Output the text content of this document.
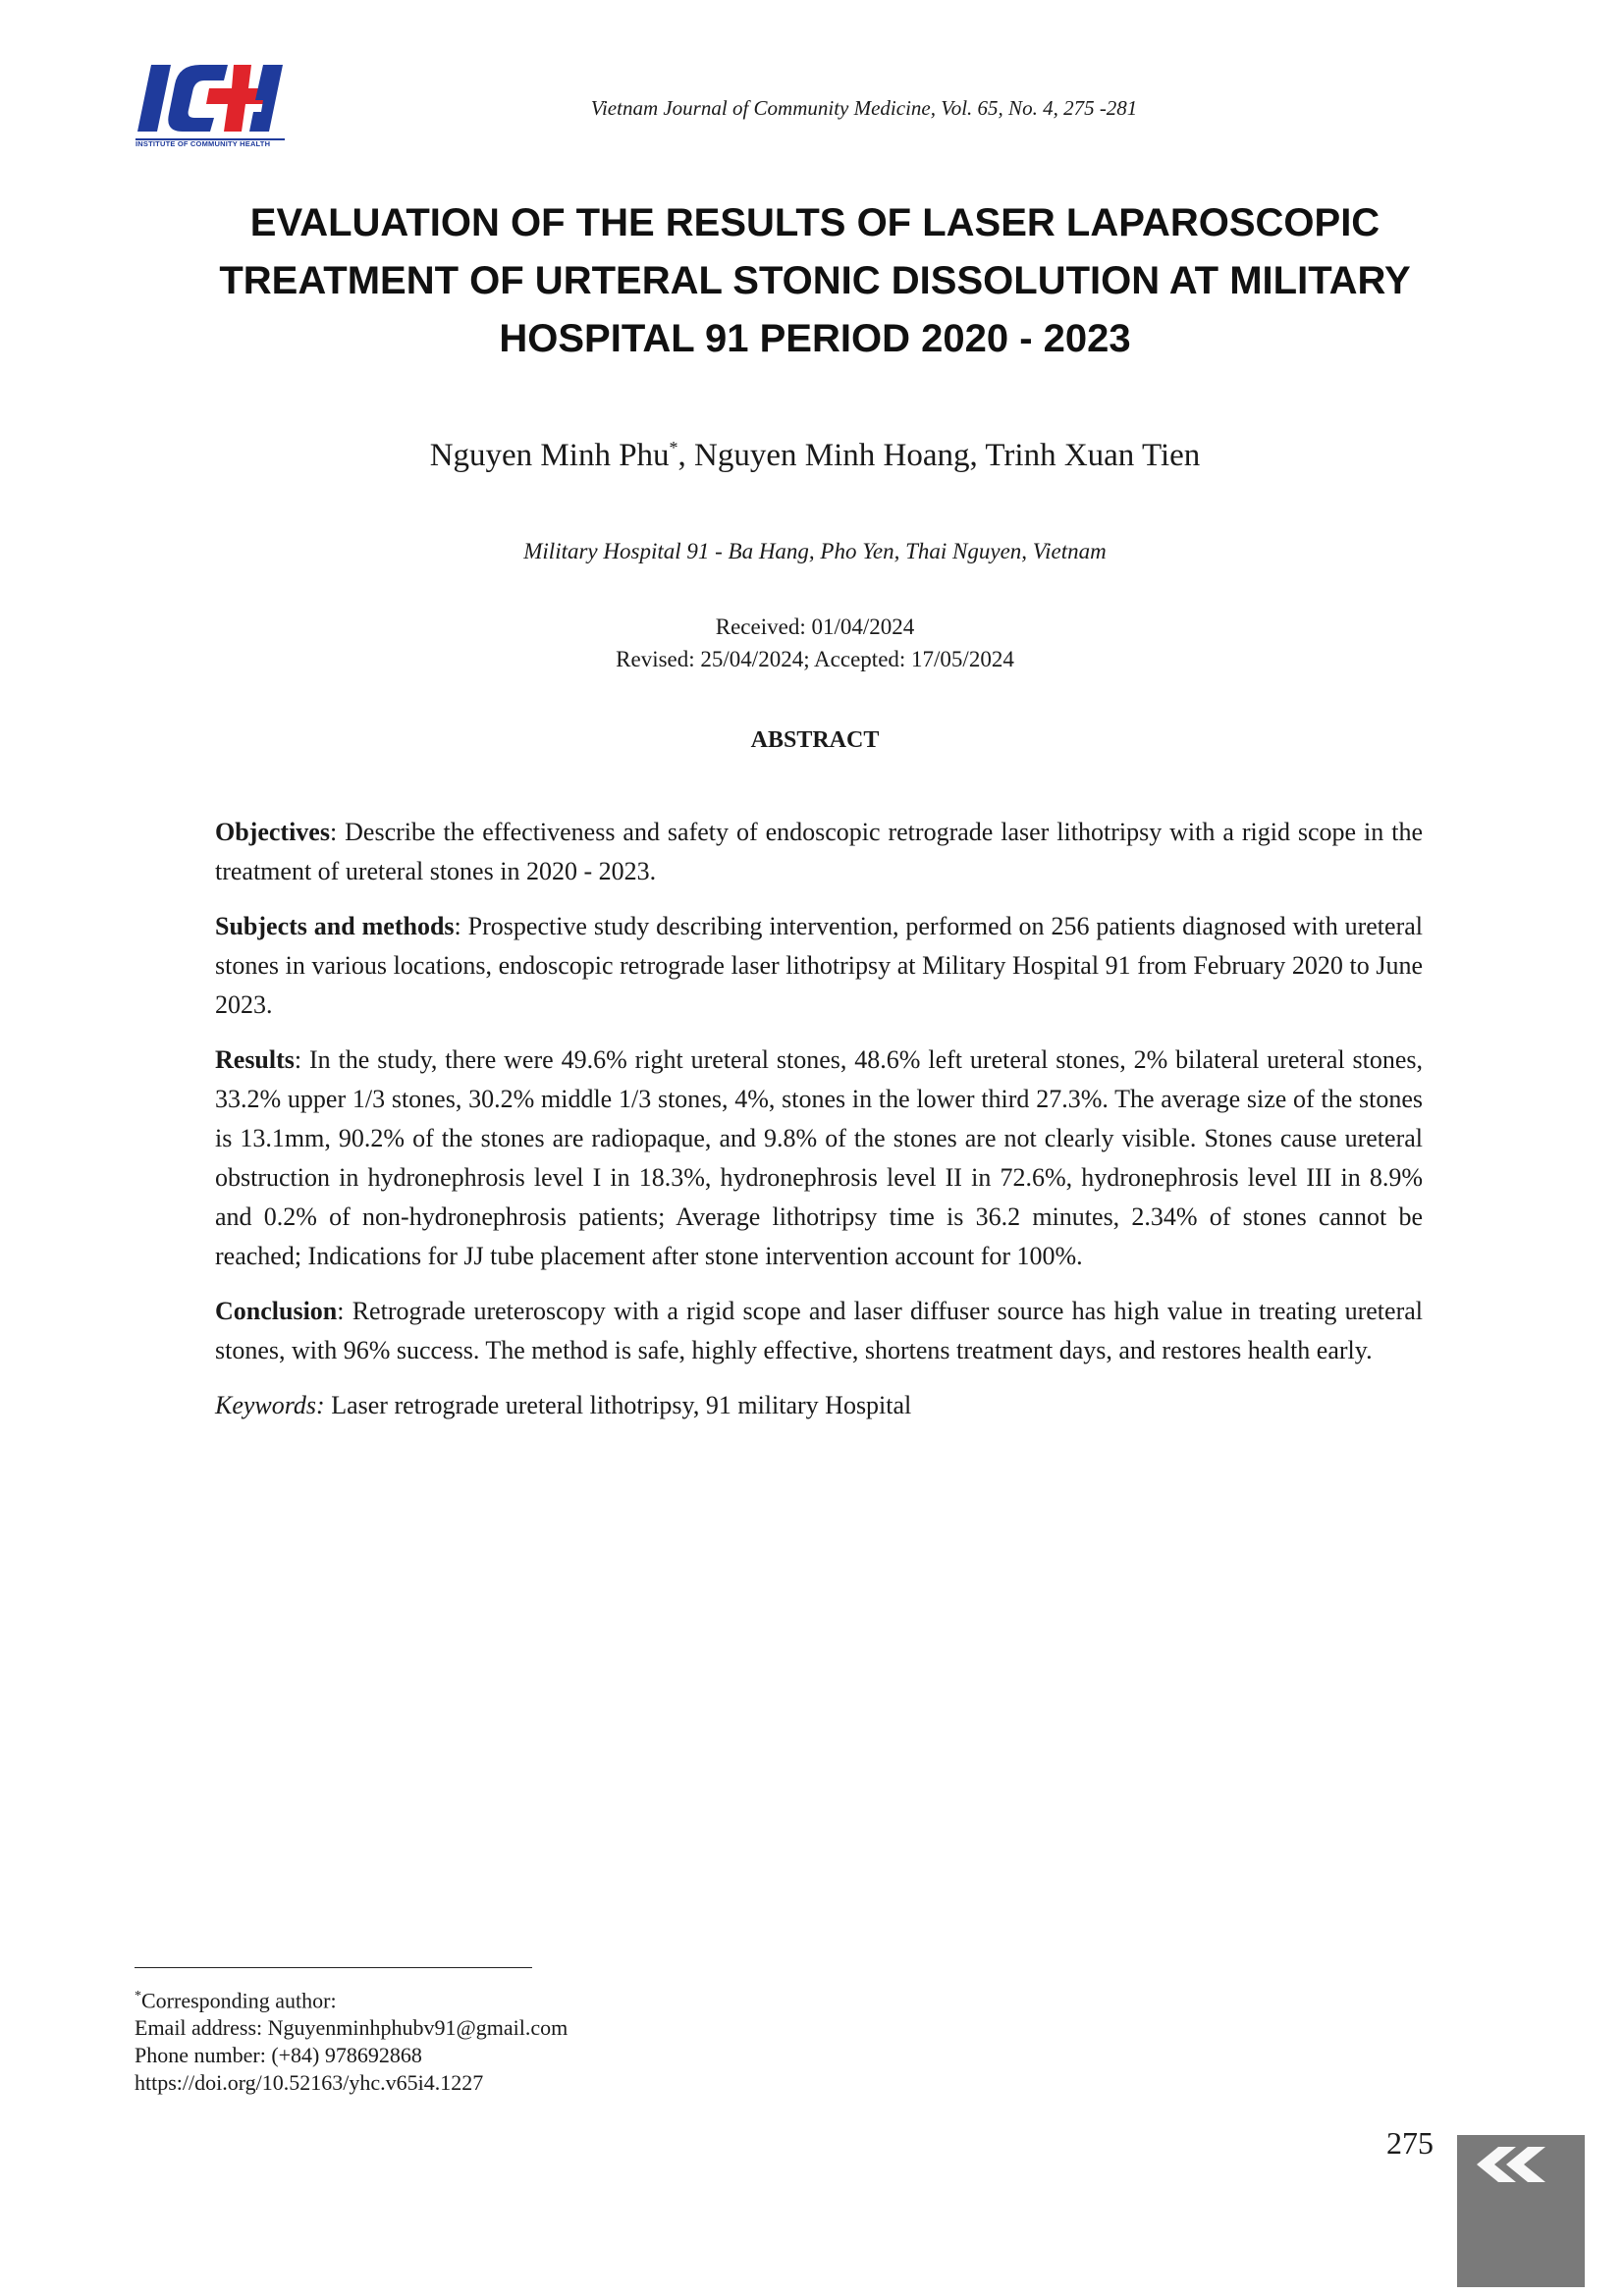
INSTITUTE OF COMMUNITY HEALTH
Vietnam Journal of Community Medicine, Vol. 65, No. 4, 275 -281
EVALUATION OF THE RESULTS OF LASER LAPAROSCOPIC
TREATMENT OF URTERAL STONIC DISSOLUTION AT MILITARY
HOSPITAL 91 PERIOD 2020 - 2023
Nguyen Minh Phu*, Nguyen Minh Hoang, Trinh Xuan Tien
Military Hospital 91 - Ba Hang, Pho Yen, Thai Nguyen, Vietnam
Received: 01/04/2024
Revised: 25/04/2024; Accepted: 17/05/2024
ABSTRACT

Objectives: Describe the effectiveness and safety of endoscopic retrograde laser lithotripsy with a rigid scope in the treatment of ureteral stones in 2020 - 2023.

Subjects and methods: Prospective study describing intervention, performed on 256 patients diagnosed with ureteral stones in various locations, endoscopic retrograde laser lithotripsy at Military Hospital 91 from February 2020 to June 2023.

Results: In the study, there were 49.6% right ureteral stones, 48.6% left ureteral stones, 2% bilateral ureteral stones, 33.2% upper 1/3 stones, 30.2% middle 1/3 stones, 4%, stones in the lower third 27.3%. The average size of the stones is 13.1mm, 90.2% of the stones are radiopaque, and 9.8% of the stones are not clearly visible. Stones cause ureteral obstruction in hydronephrosis level I in 18.3%, hydronephrosis level II in 72.6%, hydronephrosis level III in 8.9% and 0.2% of non-hydronephrosis patients; Average lithotripsy time is 36.2 minutes, 2.34% of stones cannot be reached; Indications for JJ tube placement after stone intervention account for 100%.

Conclusion: Retrograde ureteroscopy with a rigid scope and laser diffuser source has high value in treating ureteral stones, with 96% success. The method is safe, highly effective, shortens treatment days, and restores health early.

Keywords: Laser retrograde ureteral lithotripsy, 91 military Hospital

*Corresponding author:
Email address: Nguyenminhphubv91@gmail.com
Phone number: (+84) 978692868
https://doi.org/10.52163/yhc.v65i4.1227
275
